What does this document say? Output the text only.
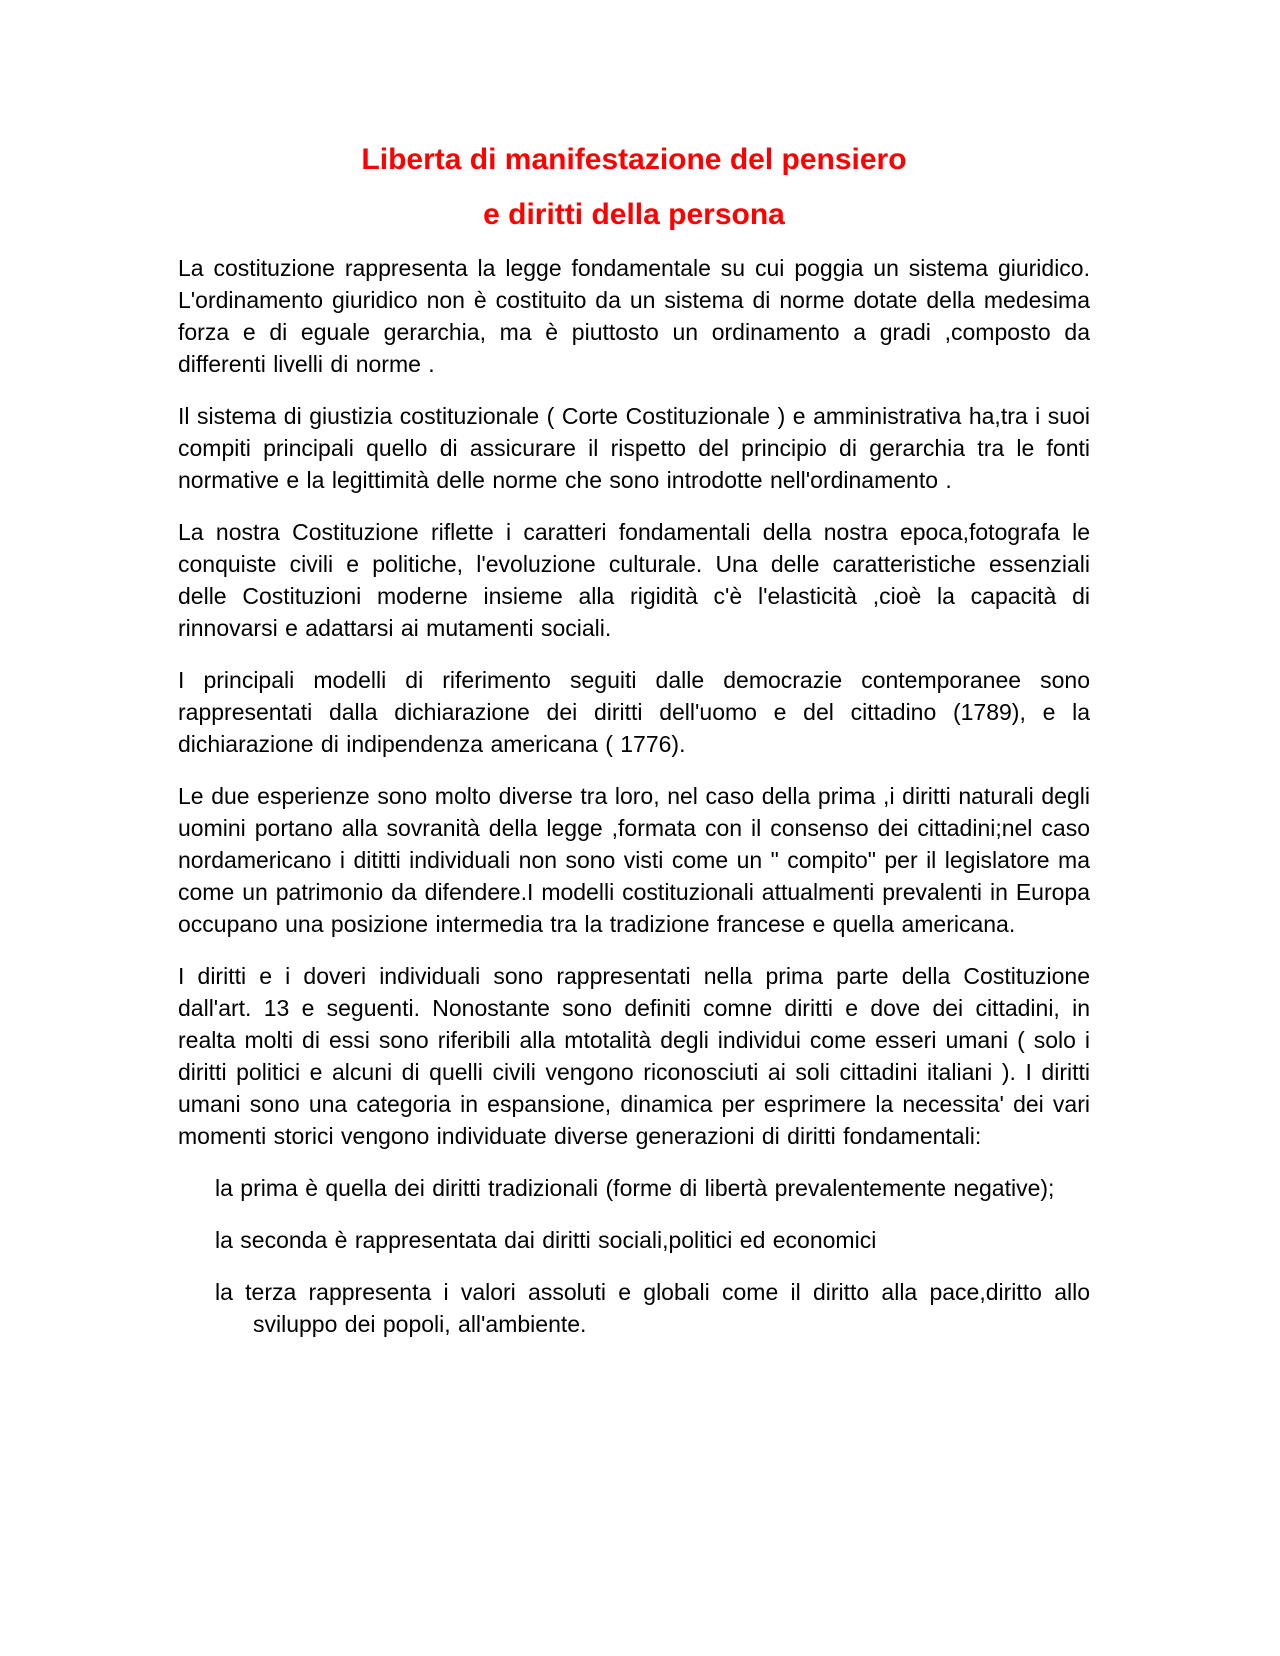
Liberta di manifestazione del pensiero
e diritti della persona

La costituzione rappresenta la legge fondamentale su cui poggia un sistema giuridico. L'ordinamento giuridico non è costituito da un sistema di norme dotate della medesima forza e di eguale gerarchia, ma è piuttosto un ordinamento a gradi ,composto da differenti livelli di norme .

Il sistema di giustizia costituzionale ( Corte Costituzionale ) e amministrativa ha,tra i suoi compiti principali quello di assicurare il rispetto del principio di gerarchia tra le fonti normative e la legittimità delle norme che sono introdotte nell'ordinamento .

La nostra Costituzione riflette i caratteri fondamentali della nostra epoca,fotografa le conquiste civili e politiche, l'evoluzione culturale. Una delle caratteristiche essenziali delle Costituzioni moderne insieme alla rigidità c'è l'elasticità ,cioè la capacità di rinnovarsi e adattarsi ai mutamenti sociali.

I principali modelli di riferimento seguiti dalle democrazie contemporanee sono rappresentati dalla dichiarazione dei diritti dell'uomo e del cittadino (1789), e la dichiarazione di indipendenza americana ( 1776).

Le due esperienze sono molto diverse tra loro, nel caso della prima ,i diritti naturali degli uomini portano alla sovranità della legge ,formata con il consenso dei cittadini;nel caso nordamericano i dititti individuali non sono visti come un " compito" per il legislatore ma come un patrimonio da difendere.I modelli costituzionali attualmenti prevalenti in Europa occupano una posizione intermedia tra la tradizione francese e quella americana.

I diritti e i doveri individuali sono rappresentati nella prima parte della Costituzione dall'art. 13 e seguenti. Nonostante sono definiti comne diritti e dove dei cittadini, in realta molti di essi sono riferibili alla mtotalità degli individui come esseri umani ( solo i diritti politici e alcuni di quelli civili vengono riconosciuti ai soli cittadini italiani ). I diritti umani sono una categoria in espansione, dinamica per esprimere la necessita' dei vari momenti storici vengono individuate diverse generazioni di diritti fondamentali:

la prima è quella dei diritti tradizionali (forme di libertà prevalentemente negative);

la seconda è rappresentata dai diritti sociali,politici ed economici

la terza rappresenta i valori assoluti e globali come il diritto alla pace,diritto allo sviluppo dei popoli, all'ambiente.
